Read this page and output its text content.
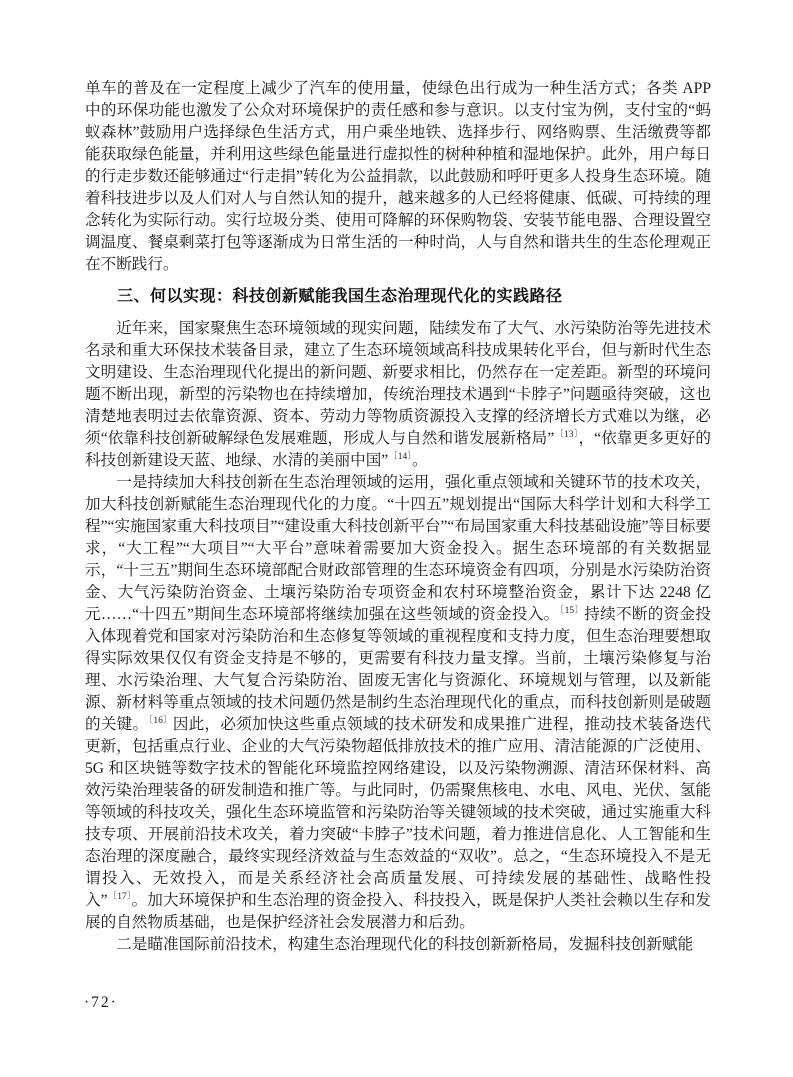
单车的普及在一定程度上减少了汽车的使用量，使绿色出行成为一种生活方式；各类 APP 中的环保功能也激发了公众对环境保护的责任感和参与意识。以支付宝为例，支付宝的“蚂蚁森林”鼓励用户选择绿色生活方式，用户乘坐地铁、选择步行、网络购票、生活缴费等都能获取绿色能量，并利用这些绿色能量进行虚拟性的树种种植和湿地保护。此外，用户每日的行走步数还能够通过“行走捐”转化为公益捐款，以此鼓励和呼吁更多人投身生态环境。随着科技进步以及人们对人与自然认知的提升，越来越多的人已经将健康、低碳、可持续的理念转化为实际行动。实行垃圾分类、使用可降解的环保购物袋、安装节能电器、合理设置空调温度、餐桌剩菜打包等逐渐成为日常生活的一种时尚，人与自然和谐共生的生态伦理观正在不断践行。

三、何以实现：科技创新赋能我国生态治理现代化的实践路径

近年来，国家聚焦生态环境领域的现实问题，陆续发布了大气、水污染防治等先进技术名录和重大环保技术装备目录，建立了生态环境领域高科技成果转化平台，但与新时代生态文明建设、生态治理现代化提出的新问题、新要求相比，仍然存在一定差距。新型的环境问题不断出现，新型的污染物也在持续增加，传统治理技术遇到“卡脖子”问题亟待突破，这也清楚地表明过去依靠资源、资本、劳动力等物质资源投入支撑的经济增长方式难以为继，必须“依靠科技创新破解绿色发展难题，形成人与自然和谐发展新格局”$^{〔13〕}$，“依靠更多更好的科技创新建设天蓝、地绿、水清的美丽中国”$^{〔14〕}$。

一是持续加大科技创新在生态治理领域的运用，强化重点领域和关键环节的技术攻关，加大科技创新赋能生态治理现代化的力度。“十四五”规划提出“国际大科学计划和大科学工程”“实施国家重大科技项目”“建设重大科技创新平台”“布局国家重大科技基础设施”等目标要求，“大工程”“大项目”“大平台”意味着需要加大资金投入。据生态环境部的有关数据显示，“十三五”期间生态环境部配合财政部管理的生态环境资金有四项，分别是水污染防治资金、大气污染防治资金、土壤污染防治专项资金和农村环境整治资金，累计下达 2248 亿元……“十四五”期间生态环境部将继续加强在这些领域的资金投入。$^{〔15〕}$持续不断的资金投入体现着党和国家对污染防治和生态修复等领域的重视程度和支持力度，但生态治理要想取得实际效果仅仅有资金支持是不够的，更需要有科技力量支撑。当前，土壤污染修复与治理、水污染治理、大气复合污染防治、固废无害化与资源化、环境规划与管理，以及新能源、新材料等重点领域的技术问题仍然是制约生态治理现代化的重点，而科技创新则是破题的关键。$^{〔16〕}$因此，必须加快这些重点领域的技术研发和成果推广进程，推动技术装备迭代更新，包括重点行业、企业的大气污染物超低排放技术的推广应用、清洁能源的广泛使用、5G 和区块链等数字技术的智能化环境监控网络建设，以及污染物溯源、清洁环保材料、高效污染治理装备的研发制造和推广等。与此同时，仍需聚焦核电、水电、风电、光伏、氢能等领域的科技攻关，强化生态环境监管和污染防治等关键领域的技术突破，通过实施重大科技专项、开展前沿技术攻关，着力突破“卡脖子”技术问题，着力推进信息化、人工智能和生态治理的深度融合，最终实现经济效益与生态效益的“双收”。总之，“生态环境投入不是无谓投入、无效投入，而是关系经济社会高质量发展、可持续发展的基础性、战略性投入”$^{〔17〕}$。加大环境保护和生态治理的资金投入、科技投入，既是保护人类社会赖以生存和发展的自然物质基础，也是保护经济社会发展潜力和后劲。

二是瞄准国际前沿技术，构建生态治理现代化的科技创新新格局，发掘科技创新赋能

·72·
